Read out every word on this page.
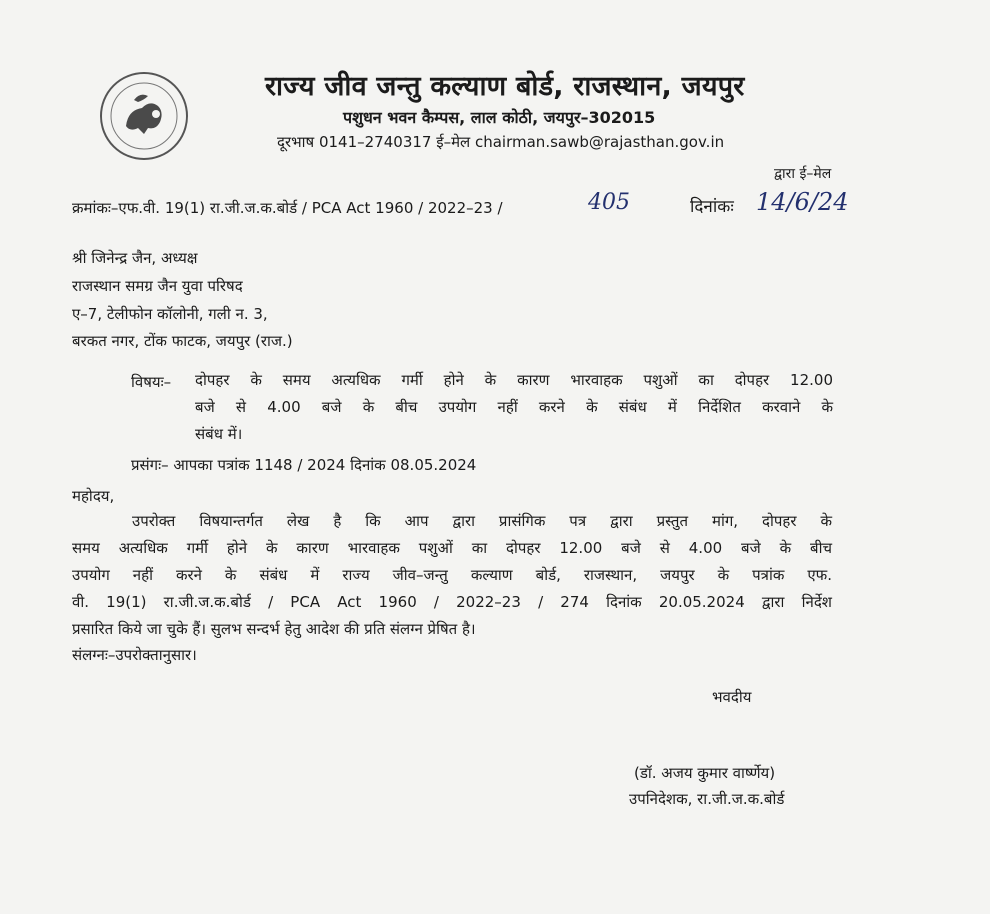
राज्य जीव जन्तु कल्याण बोर्ड, राजस्थान, जयपुर
पशुधन भवन कैम्पस, लाल कोठी, जयपुर–302015
दूरभाष 0141–2740317 ई–मेल chairman.sawb@rajasthan.gov.in
द्वारा ई–मेल
क्रमांकः–एफ.वी. 19(1) रा.जी.ज.क.बोर्ड / PCA Act 1960 / 2022–23 /	405	दिनांकः 14/6/24
श्री जिनेन्द्र जैन, अध्यक्ष
राजस्थान समग्र जैन युवा परिषद
ए–7, टेलीफोन कॉलोनी, गली न. 3,
बरकत नगर, टोंक फाटक, जयपुर (राज.)
विषयः– दोपहर के समय अत्यधिक गर्मी होने के कारण भारवाहक पशुओं का दोपहर 12.00
बजे से 4.00 बजे के बीच उपयोग नहीं करने के संबंध में निर्देशित करवाने के
संबंध में।
प्रसंगः– आपका पत्रांक 1148 / 2024 दिनांक 08.05.2024
महोदय,
उपरोक्त विषयान्तर्गत लेख है कि आप द्वारा प्रासंगिक पत्र द्वारा प्रस्तुत मांग, दोपहर के
समय अत्यधिक गर्मी होने के कारण भारवाहक पशुओं का दोपहर 12.00 बजे से 4.00 बजे के बीच
उपयोग नहीं करने के संबंध में राज्य जीव–जन्तु कल्याण बोर्ड, राजस्थान, जयपुर के पत्रांक एफ.
वी. 19(1) रा.जी.ज.क.बोर्ड / PCA Act 1960 / 2022–23 / 274 दिनांक 20.05.2024 द्वारा निर्देश
प्रसारित किये जा चुके हैं। सुलभ सन्दर्भ हेतु आदेश की प्रति संलग्न प्रेषित है।
संलग्नः–उपरोक्तानुसार।
भवदीय
(डॉ. अजय कुमार वार्ष्णेय)
उपनिदेशक, रा.जी.ज.क.बोर्ड
